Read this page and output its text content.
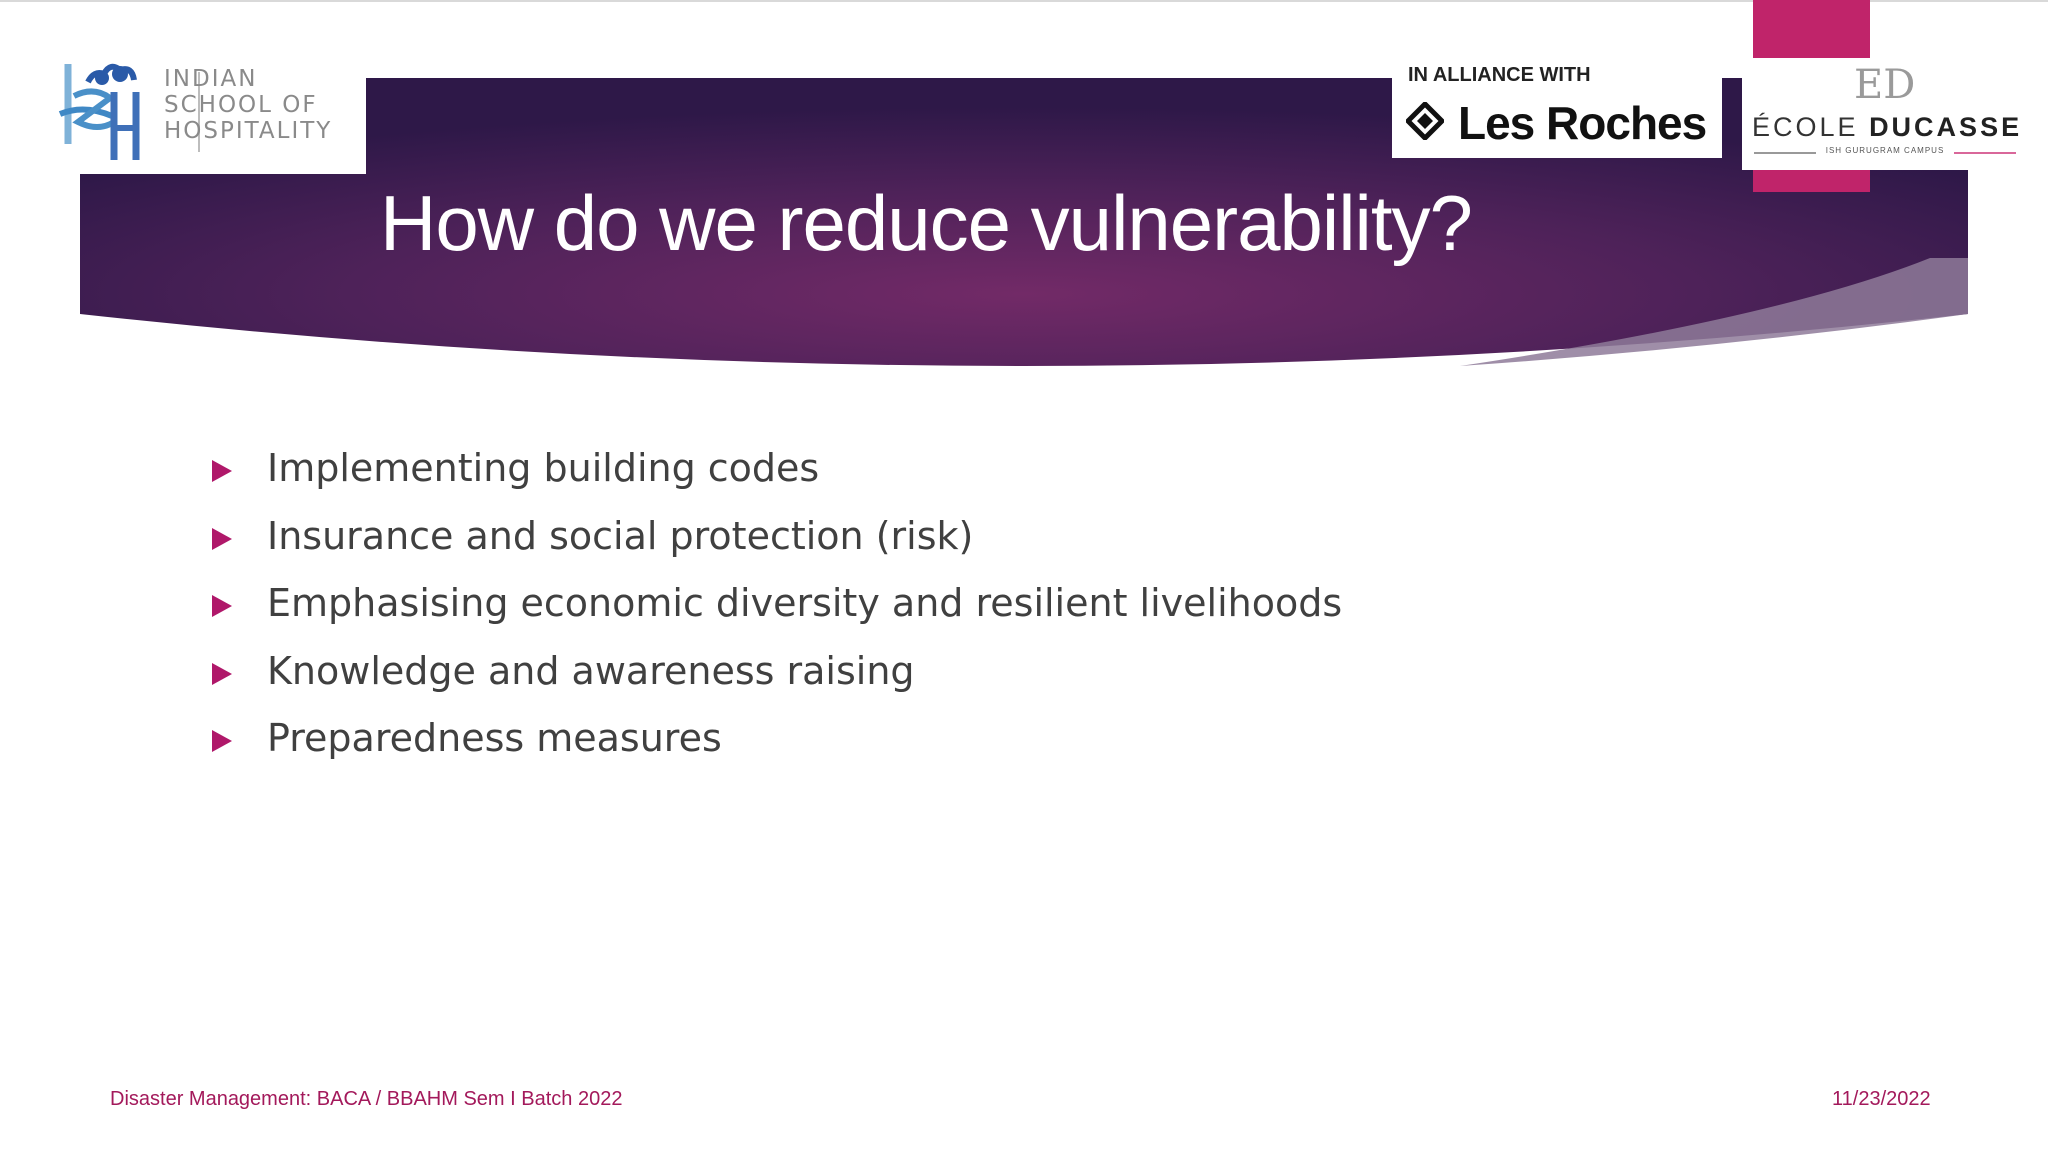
How do we reduce vulnerability?
INDIAN
SCHOOL OF
HOSPITALITY
IN ALLIANCE WITH
Les Roches
ED
ÉCOLE DUCASSE
ISH GURUGRAM CAMPUS
Implementing building codes
Insurance and social protection (risk)
Emphasising economic diversity and resilient livelihoods
Knowledge and awareness raising
Preparedness measures
Disaster Management: BACA / BBAHM Sem I Batch 2022	11/23/2022
